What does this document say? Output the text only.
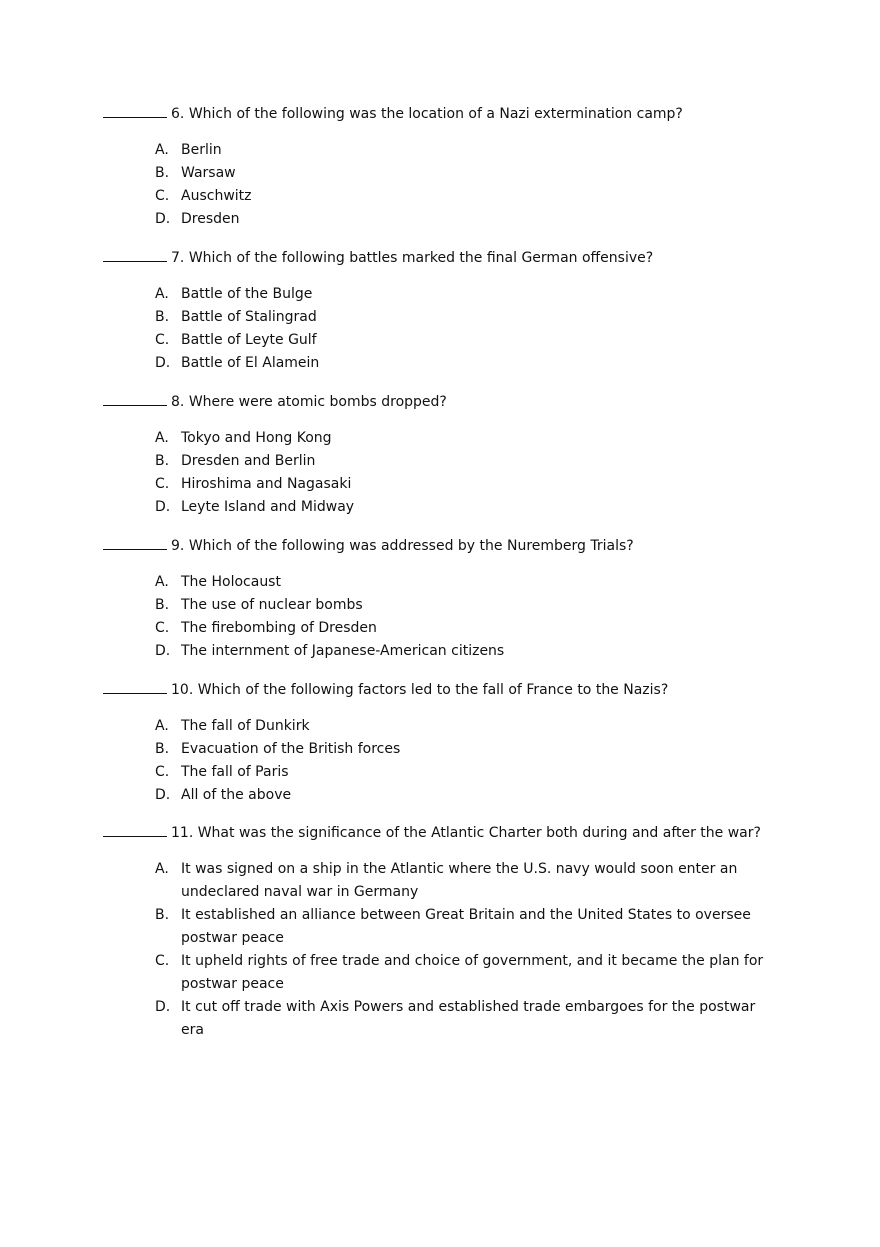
6. Which of the following was the location of a Nazi extermination camp?
A. Berlin
B. Warsaw
C. Auschwitz
D. Dresden
7. Which of the following battles marked the final German offensive?
A. Battle of the Bulge
B. Battle of Stalingrad
C. Battle of Leyte Gulf
D. Battle of El Alamein
8. Where were atomic bombs dropped?
A. Tokyo and Hong Kong
B. Dresden and Berlin
C. Hiroshima and Nagasaki
D. Leyte Island and Midway
9. Which of the following was addressed by the Nuremberg Trials?
A. The Holocaust
B. The use of nuclear bombs
C. The firebombing of Dresden
D. The internment of Japanese-American citizens
10. Which of the following factors led to the fall of France to the Nazis?
A. The fall of Dunkirk
B. Evacuation of the British forces
C. The fall of Paris
D. All of the above
11. What was the significance of the Atlantic Charter both during and after the war?
A. It was signed on a ship in the Atlantic where the U.S. navy would soon enter an undeclared naval war in Germany
B. It established an alliance between Great Britain and the United States to oversee postwar peace
C. It upheld rights of free trade and choice of government, and it became the plan for postwar peace
D. It cut off trade with Axis Powers and established trade embargoes for the postwar era
